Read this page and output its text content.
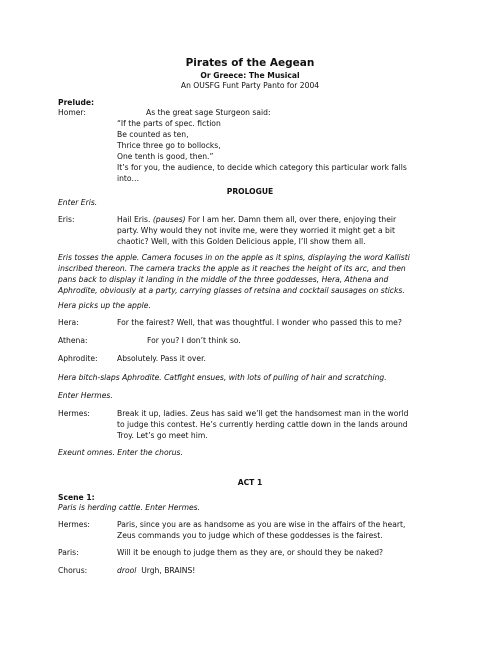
Pirates of the Aegean
Or Greece: The Musical
An OUSFG Funt Party Panto for 2004
Prelude:
Homer:	As the great sage Sturgeon said:
“If the parts of spec. fiction
Be counted as ten,
Thrice three go to bollocks,
One tenth is good, then.”
It’s for you, the audience, to decide which category this particular work falls
into…
PROLOGUE
Enter Eris.
Eris:	Hail Eris. (pauses) For I am her. Damn them all, over there, enjoying their
party. Why would they not invite me, were they worried it might get a bit
chaotic? Well, with this Golden Delicious apple, I’ll show them all.
Eris tosses the apple. Camera focuses in on the apple as it spins, displaying the word Kallisti
inscribed thereon. The camera tracks the apple as it reaches the height of its arc, and then
pans back to display it landing in the middle of the three goddesses, Hera, Athena and
Aphrodite, obviously at a party, carrying glasses of retsina and cocktail sausages on sticks.
Hera picks up the apple.
Hera:	For the fairest? Well, that was thoughtful. I wonder who passed this to me?
Athena:	For you? I don’t think so.
Aphrodite:	Absolutely. Pass it over.
Hera bitch-slaps Aphrodite. Catfight ensues, with lots of pulling of hair and scratching.
Enter Hermes.
Hermes:	Break it up, ladies. Zeus has said we’ll get the handsomest man in the world
to judge this contest. He’s currently herding cattle down in the lands around
Troy. Let’s go meet him.
Exeunt omnes. Enter the chorus.
ACT 1
Scene 1:
Paris is herding cattle. Enter Hermes.
Hermes:	Paris, since you are as handsome as you are wise in the affairs of the heart,
Zeus commands you to judge which of these goddesses is the fairest.
Paris:	Will it be enough to judge them as they are, or should they be naked?
Chorus:	drool Urgh, BRAINS!
